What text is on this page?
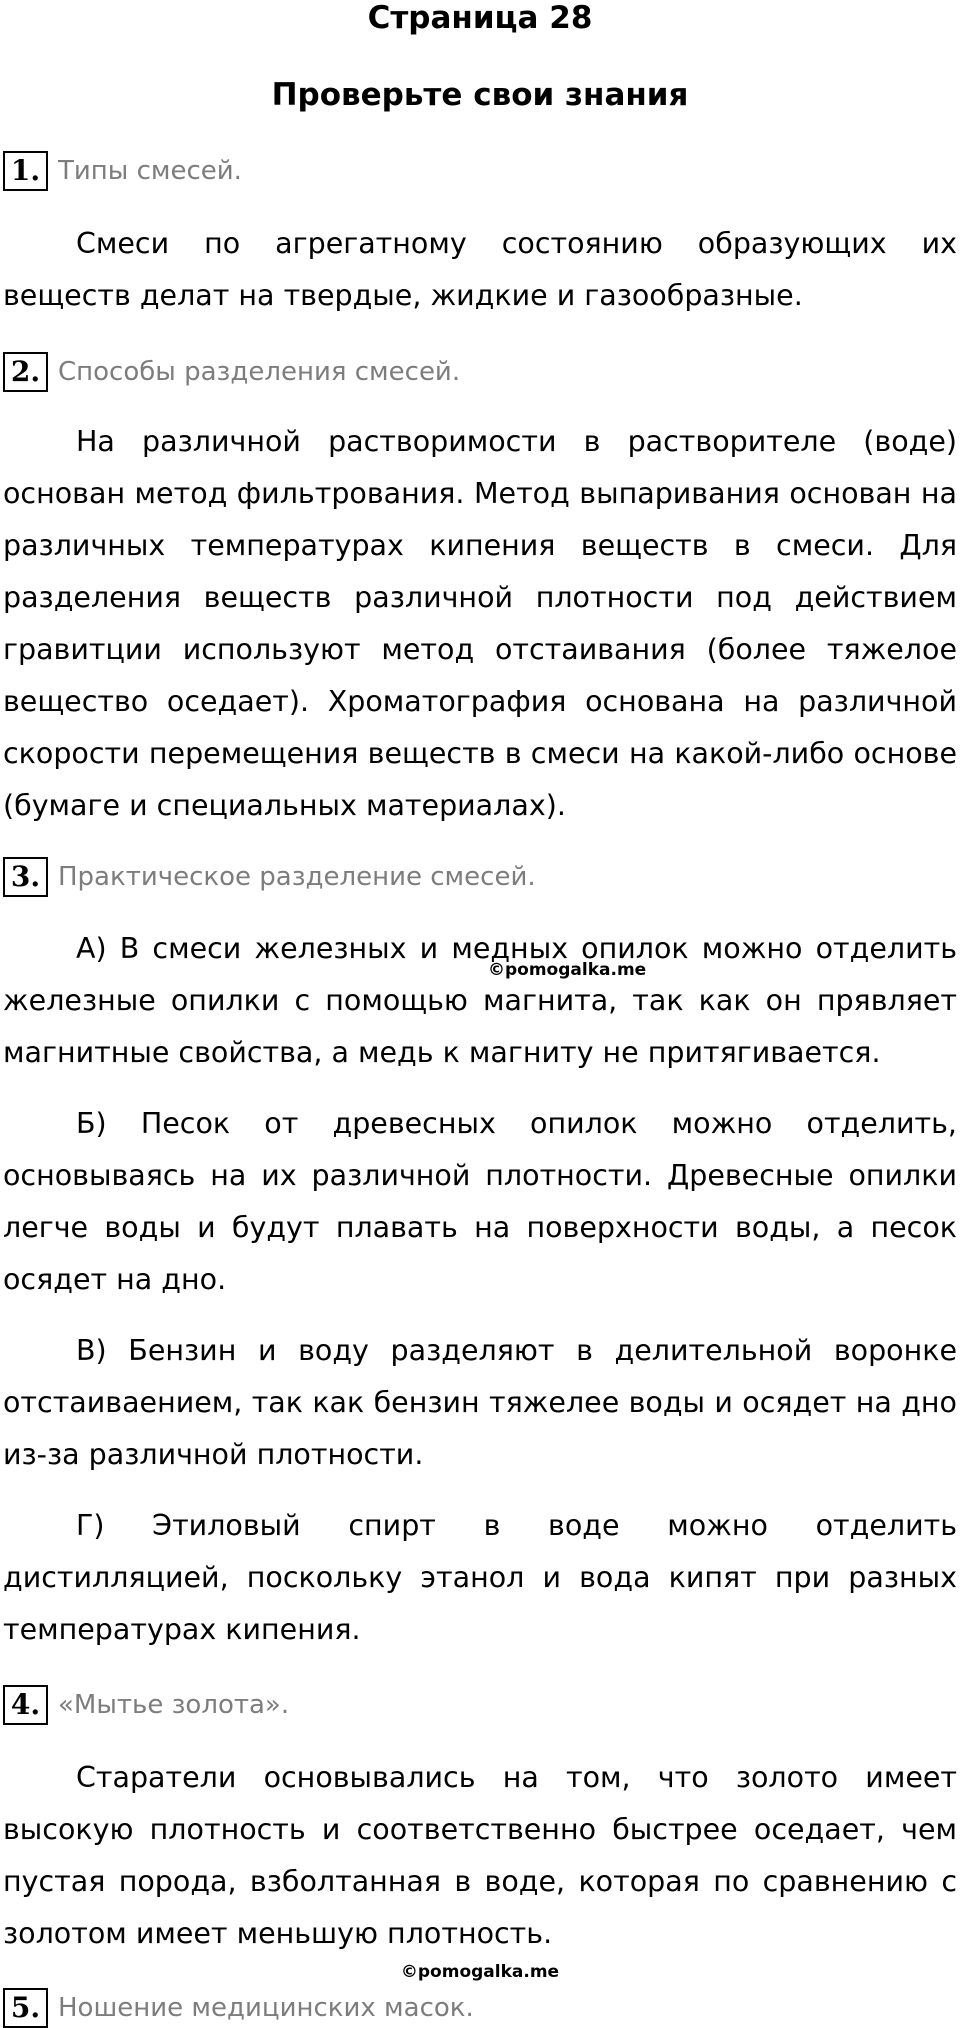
Страница 28
Проверьте свои знания
1. Типы смесей.

Смеси по агрегатному состоянию образующих их веществ делат на твердые, жидкие и газообразные.

2. Способы разделения смесей.

На различной растворимости в растворителе (воде) основан метод фильтрования. Метод выпаривания основан на различных температурах кипения веществ в смеси. Для разделения веществ различной плотности под действием гравитции используют метод отстаивания (более тяжелое вещество оседает). Хроматография основана на различной скорости перемещения веществ в смеси на какой-либо основе (бумаге и специальных материалах).

3. Практическое разделение смесей.

А) В смеси железных и медных опилок можно отделить железные опилки с помощью магнита, так как он прявляет магнитные свойства, а медь к магниту не притягивается.

Б) Песок от древесных опилок можно отделить, основываясь на их различной плотности. Древесные опилки легче воды и будут плавать на поверхности воды, а песок осядет на дно.

В) Бензин и воду разделяют в делительной воронке отстаиваением, так как бензин тяжелее воды и осядет на дно из-за различной плотности.

Г) Этиловый спирт в воде можно отделить дистилляцией, поскольку этанол и вода кипят при разных температурах кипения.

4. «Мытье золота».

Старатели основывались на том, что золото имеет высокую плотность и соответственно быстрее оседает, чем пустая порода, взболтанная в воде, которая по сравнению с золотом имеет меньшую плотность.

5. Ношение медицинских масок.
©pomogalka.me
©pomogalka.me
